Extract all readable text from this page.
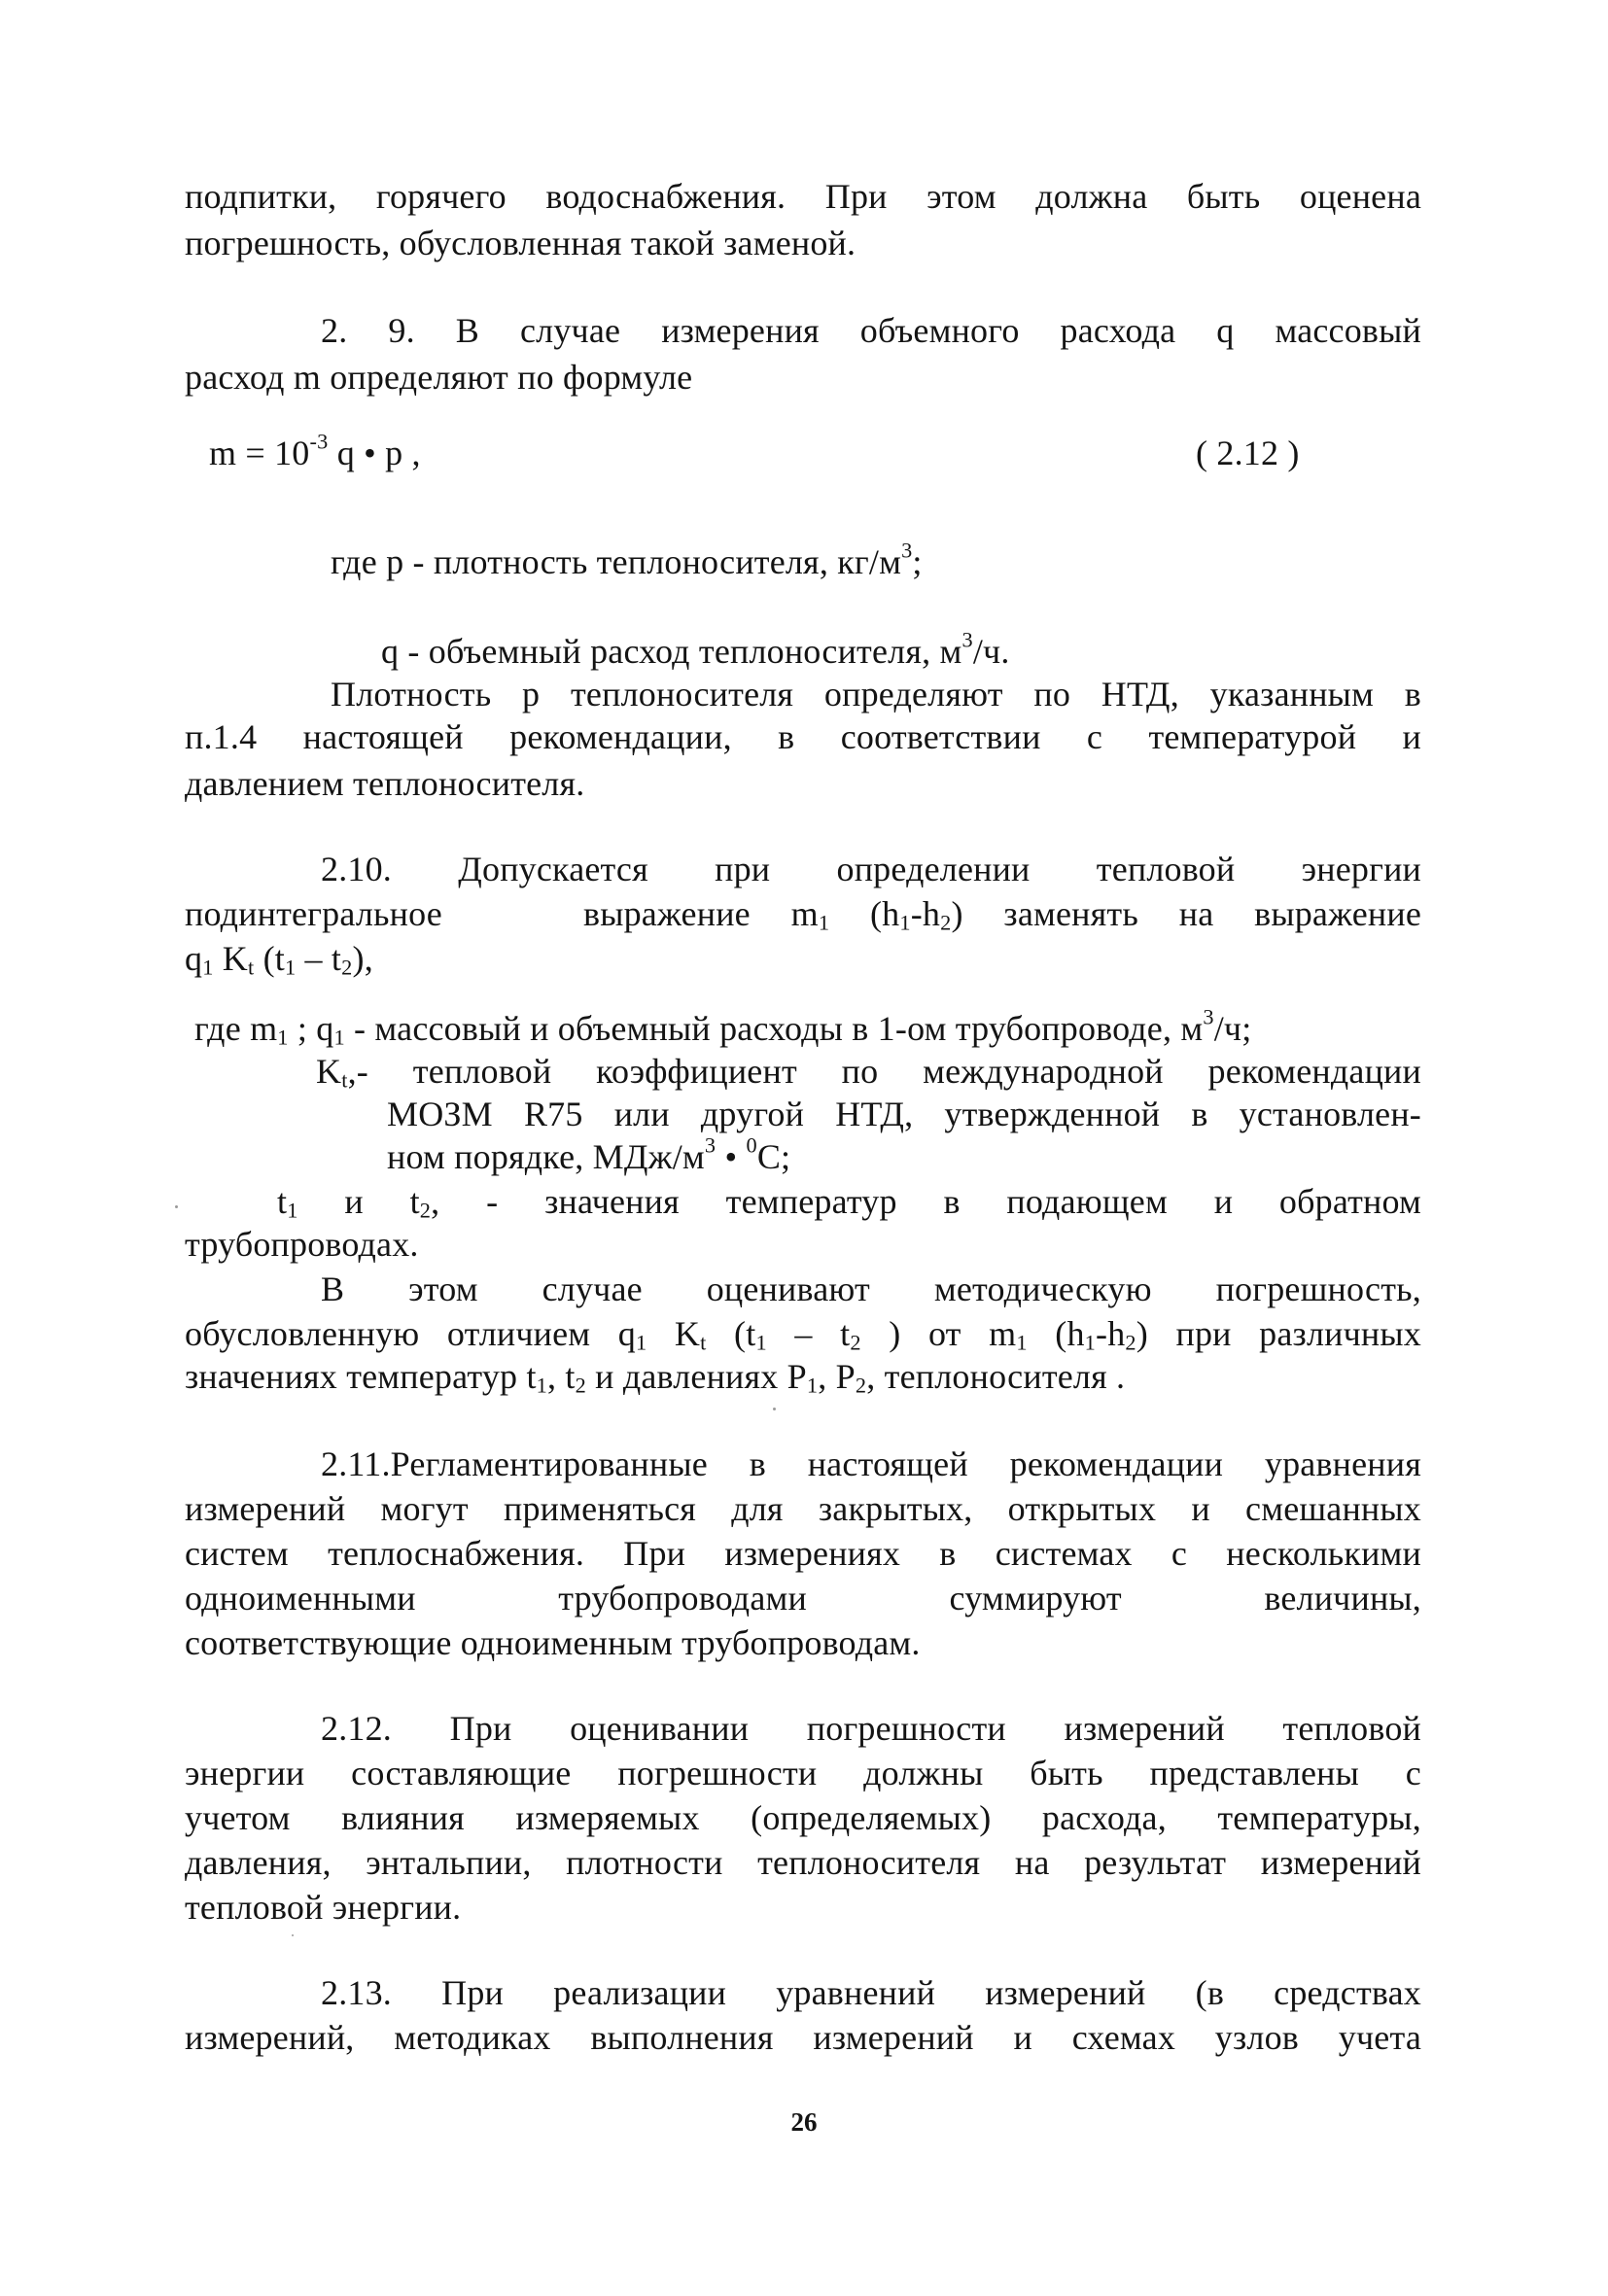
подпитки, горячего водоснабжения. При этом должна быть оценена
погрешность, обусловленная такой заменой.
2. 9. В случае измерения объемного расхода q массовый
расход m определяют по формуле
$m = 10^{-3}$ q • p ,	( 2.12 )
где p - плотность теплоносителя, $кг/м^3$;
q - объемный расход теплоносителя, $м^3/ч$.
Плотность p теплоносителя определяют по НТД, указанным в
п.1.4 настоящей рекомендации, в соответствии с температурой и
давлением теплоносителя.
2.10. Допускается при определении тепловой энергии
подинтегральное	выражение $m_1$ $(h_1-h_2)$ заменять на выражение
$q_1$ $K_t$ $(t_1 - t_2)$,
где $m_1$ ; $q_1$ - массовый и объемный расходы в 1-ом трубопроводе, $м^3/ч$;
$K_t,-$ тепловой коэффициент по международной рекомендации
МОЗМ R75 или другой НТД, утвержденной в установлен-
ном порядке, МДж/$м^3$ • $^0$C;
$t_1$ и $t_2$, - значения температур в подающем и обратном
трубопроводах.
В этом случае оценивают методическую погрешность,
обусловленную отличием $q_1$ $K_t$ ($t_1 - t_2$ ) от $m_1$ $(h_1-h_2)$ при различных
значениях температур $t_1$, $t_2$ и давлениях $P_1$, $P_2$, теплоносителя .
2.11.Регламентированные в настоящей рекомендации уравнения
измерений могут применяться для закрытых, открытых и смешанных
систем теплоснабжения. При измерениях в системах с несколькими
одноименными трубопроводами суммируют величины,
соответствующие одноименным трубопроводам.
2.12. При оценивании погрешности измерений тепловой
энергии составляющие погрешности должны быть представлены с
учетом влияния измеряемых (определяемых) расхода, температуры,
давления, энтальпии, плотности теплоносителя на результат измерений
тепловой энергии.
2.13. При реализации уравнений измерений (в средствах
измерений, методиках выполнения измерений и схемах узлов учета
26
